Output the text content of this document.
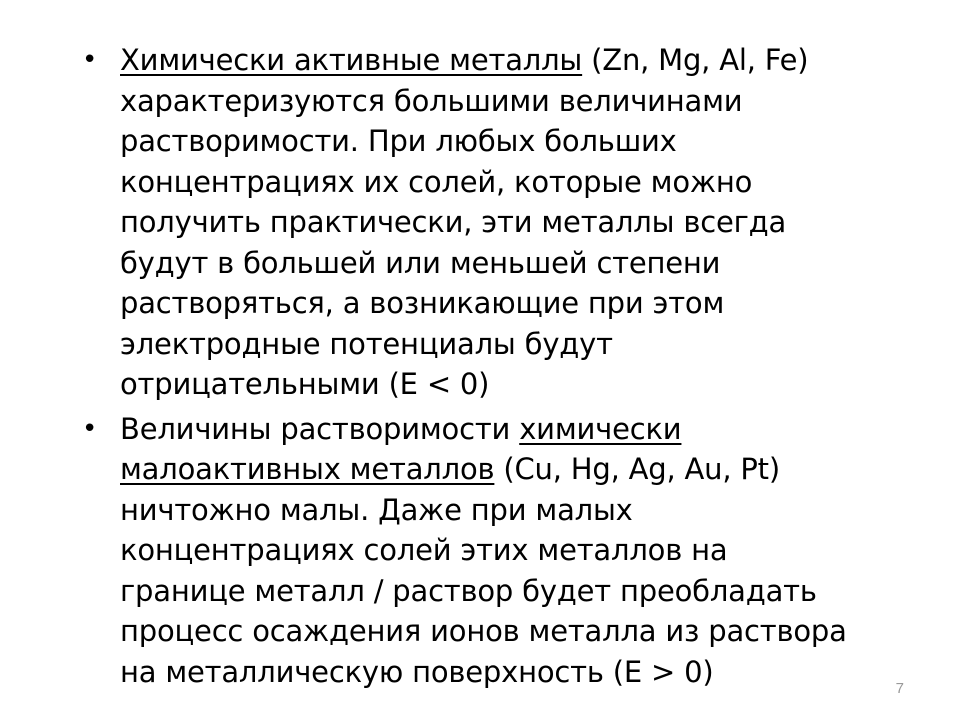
• Химически активные металлы (Zn, Mg, Al, Fe)
характеризуются большими величинами
растворимости. При любых больших
концентрациях их солей, которые можно
получить практически, эти металлы всегда
будут в большей или меньшей степени
растворяться, а возникающие при этом
электродные потенциалы будут
отрицательными (Е < 0)
• Величины растворимости химически
малоактивных металлов (Cu, Hg, Ag, Au, Pt)
ничтожно малы. Даже при малых
концентрациях солей этих металлов на
границе металл / раствор будет преобладать
процесс осаждения ионов металла из раствора
на металлическую поверхность (Е > 0)	7
